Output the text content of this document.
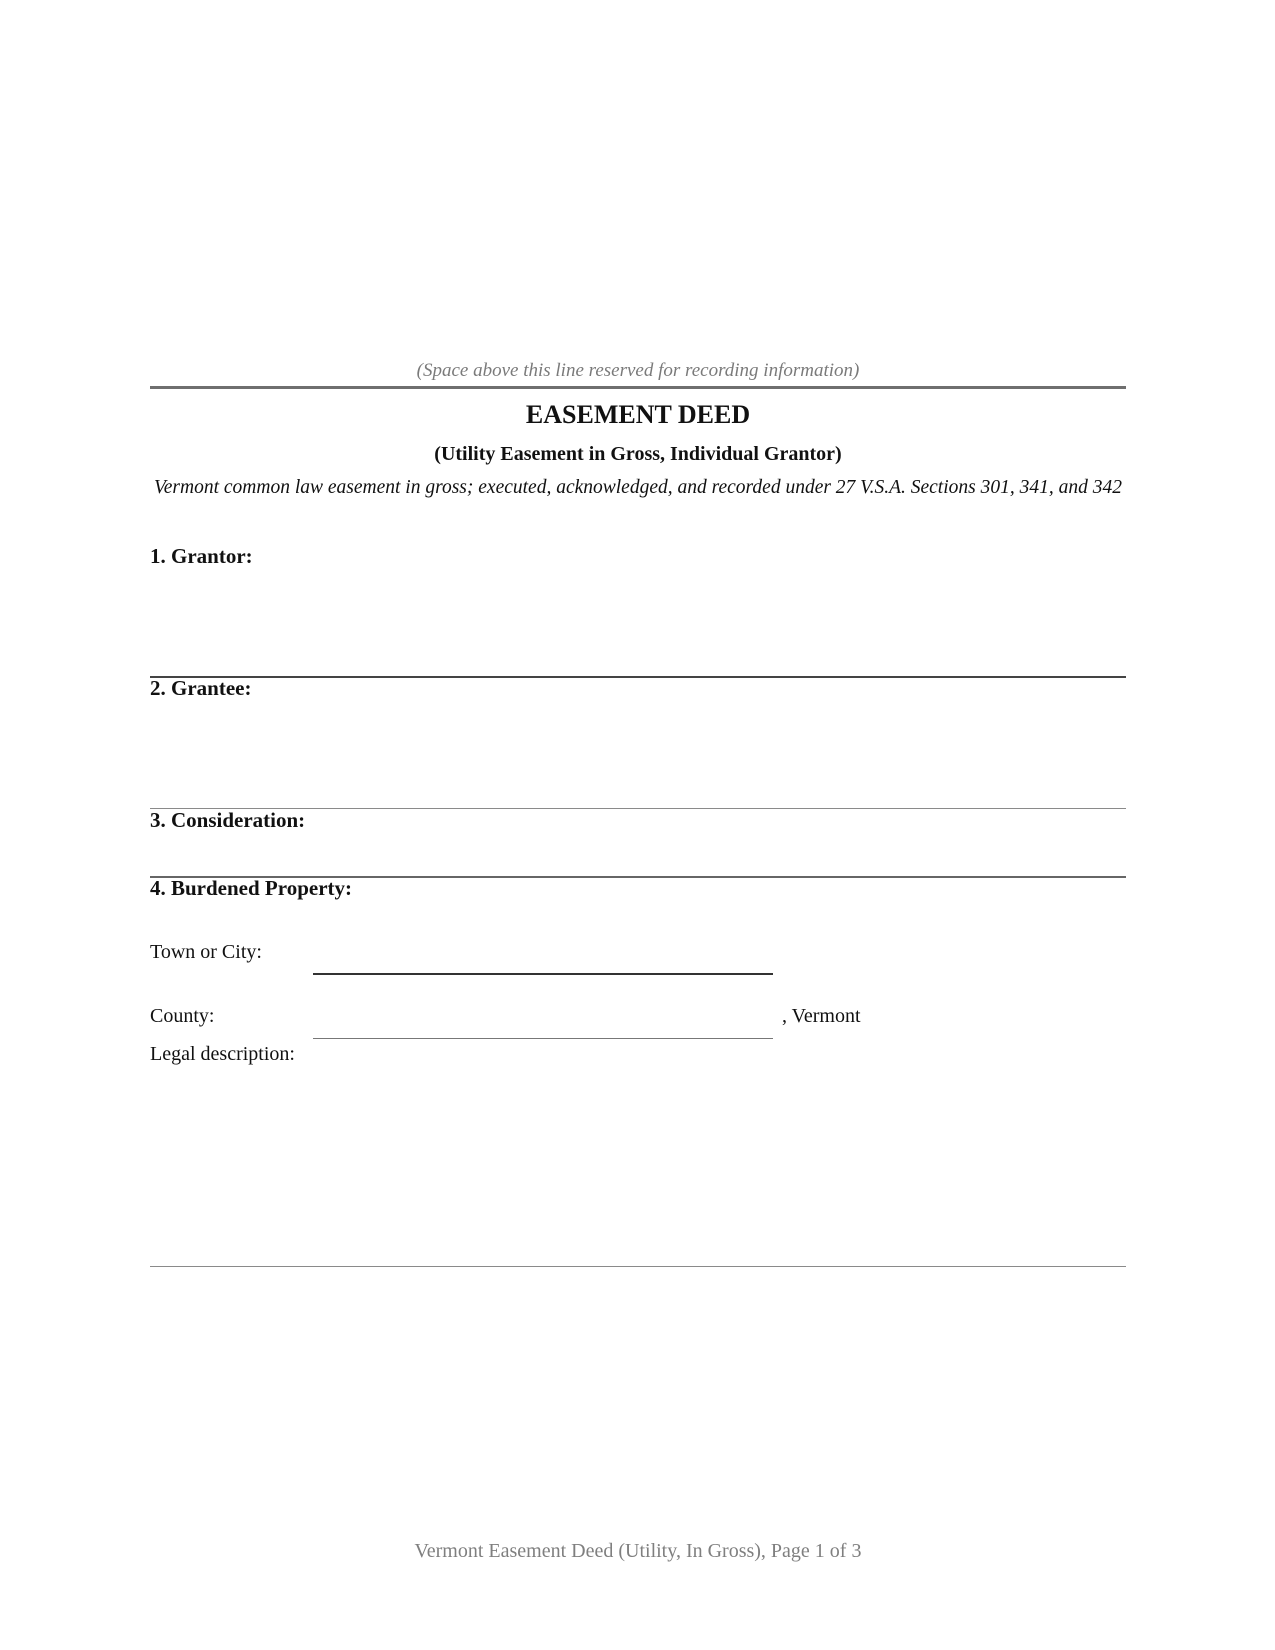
(Space above this line reserved for recording information)
EASEMENT DEED
(Utility Easement in Gross, Individual Grantor)
Vermont common law easement in gross; executed, acknowledged, and recorded under 27 V.S.A. Sections 301, 341, and 342
1. Grantor:
2. Grantee:
3. Consideration:
4. Burdened Property:
Town or City:
County:	, Vermont
Legal description:
Vermont Easement Deed (Utility, In Gross), Page 1 of 3
